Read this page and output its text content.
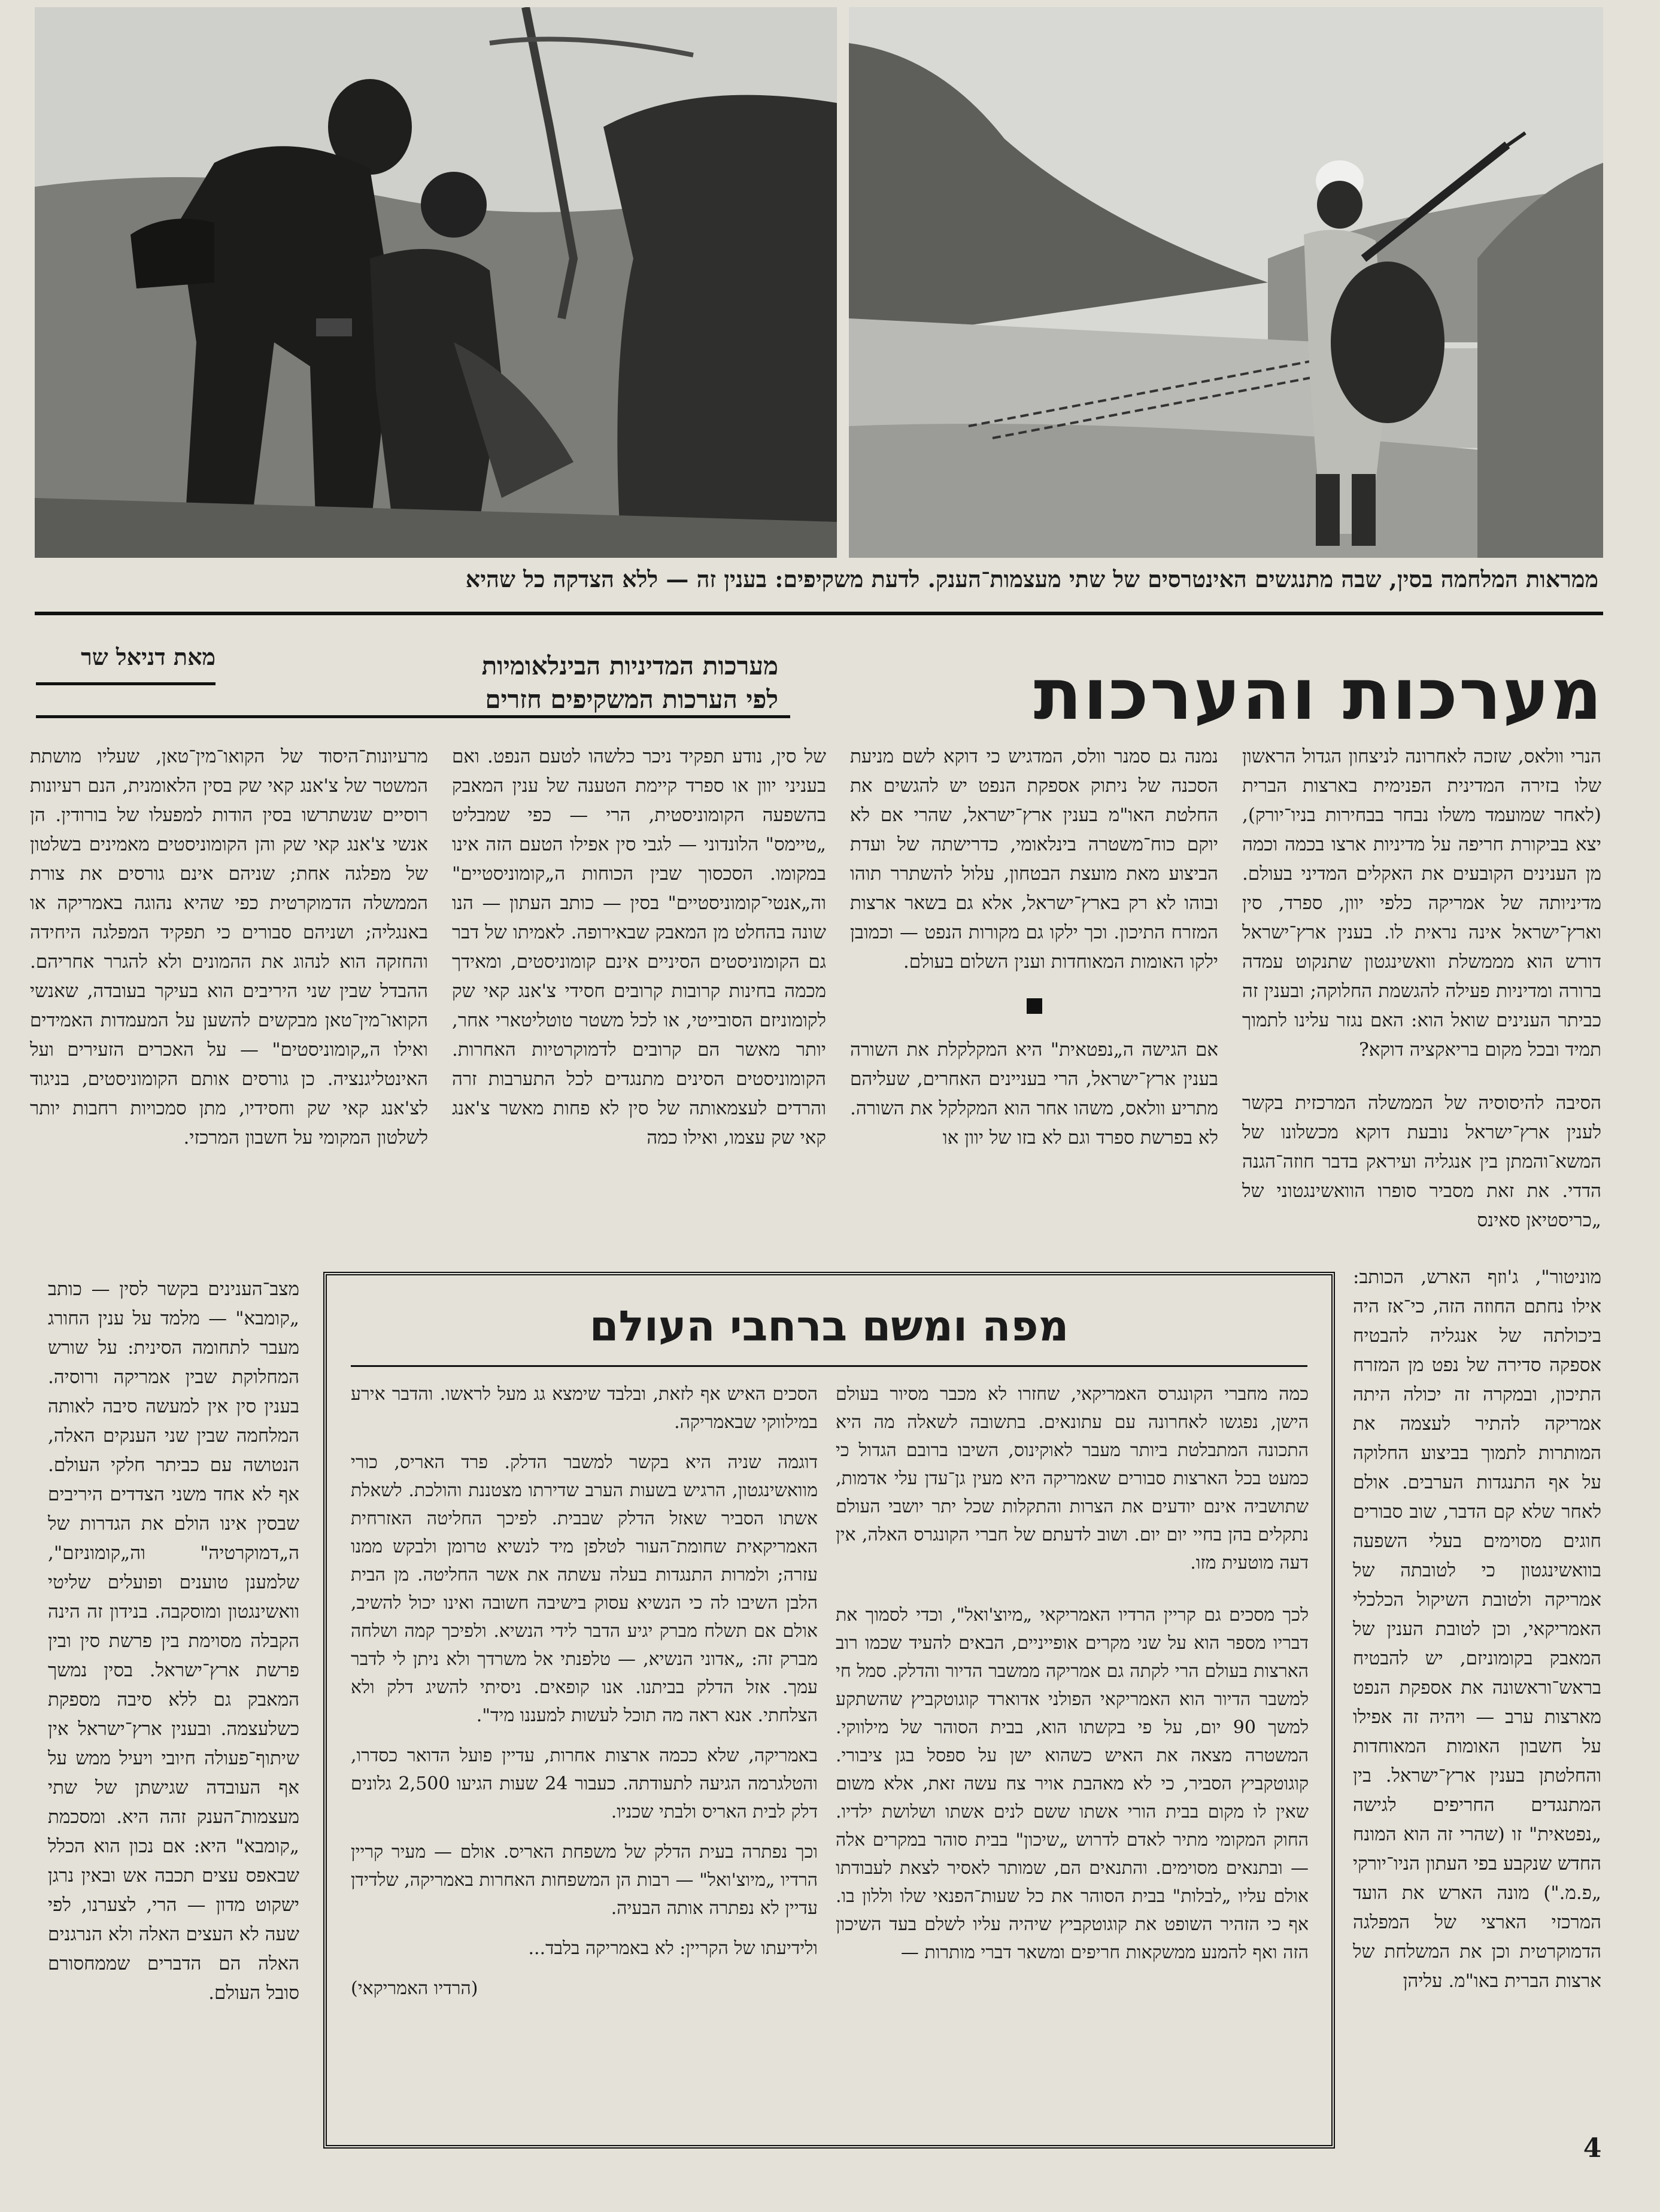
ממראות המלחמה בסין, שבה מתנגשים האינטרסים של שתי מעצמות־הענק. לדעת משקיפים: בענין זה — ללא הצדקה כל שהיא
מערכות והערכות
מערכות המדיניות הבינלאומיות
לפי הערכות המשקיפים חזרים
מאת דניאל שר

הנרי וולאס, שזכה לאחרונה לניצחון הגדול הראשון שלו בזירה המדינית הפנימית בארצות הברית (לאחר שמועמד משלו נבחר בבחירות בניו־יורק), יצא בביקורת חריפה על מדיניות ארצו בכמה וכמה מן הענינים הקובעים את האקלים המדיני בעולם. מדיניותה של אמריקה כלפי יוון, ספרד, סין וארץ־ישראל אינה נראית לו. בענין ארץ־ישראל דורש הוא מממשלת וואשינגטון שתנקוט עמדה ברורה ומדיניות פעילה להגשמת החלוקה; ובענין זה כביתר הענינים שואל הוא: האם נגזר עלינו לתמוך תמיד ובכל מקום בריאקציה דוקא?

הסיבה להיסוסיה של הממשלה המרכזית בקשר לענין ארץ־ישראל נובעת דוקא מכשלונו של המשא־והמתן בין אנגליה ועיראק בדבר חוזה־הגנה הדדי. את זאת מסביר סופרו הוואשינגטוני של „כריסטיאן סאינס

מוניטור", ג'וזף הארש, הכותב: אילו נחתם החוזה הזה, כי־אז היה ביכולתה של אנגליה להבטיח אספקה סדירה של נפט מן המזרח התיכון, ובמקרה זה יכולה היתה אמריקה להתיר לעצמה את המותרות לתמוך בביצוע החלוקה על אף התנגדות הערבים. אולם לאחר שלא קם הדבר, שוב סבורים חוגים מסוימים בעלי השפעה בוואשינגטון כי לטובתה של אמריקה ולטובת השיקול הכלכלי האמריקאי, וכן לטובת הענין של המאבק בקומוניזם, יש להבטיח בראש־וראשונה את אספקת הנפט מארצות ערב — ויהיה זה אפילו על חשבון האומות המאוחדות והחלטתן בענין ארץ־ישראל. בין המתנגדים החריפים לגישה „נפטאית" זו (שהרי זה הוא המונח החדש שנקבע בפי העתון הניו־יורקי „פ.מ.") מונה הארש את הועד המרכזי הארצי של המפלגה הדמוקרטית וכן את המשלחת של ארצות הברית באו"מ. עליהן

נמנה גם סמנר וולס, המדגיש כי דוקא לשם מניעת הסכנה של ניתוק אספקת הנפט יש להגשים את החלטת האו"מ בענין ארץ־ישראל, שהרי אם לא יוקם כוח־משטרה בינלאומי, כדרישתה של ועדת הביצוע מאת מועצת הבטחון, עלול להשתרר תוהו ובוהו לא רק בארץ־ישראל, אלא גם בשאר ארצות המזרח התיכון. וכך ילקו גם מקורות הנפט — וכמובן ילקו האומות המאוחדות וענין השלום בעולם.

אם הגישה ה„נפטאית" היא המקלקלת את השורה בענין ארץ־ישראל, הרי בעניינים האחרים, שעליהם מתריע וולאס, משהו אחר הוא המקלקל את השורה. לא בפרשת ספרד וגם לא בזו של יוון או

של סין, נודע תפקיד ניכר כלשהו לטעם הנפט. ואם בעניני יוון או ספרד קיימת הטענה של ענין המאבק בהשפעה הקומוניסטית, הרי — כפי שמבליט „טיימס" הלונדוני — לגבי סין אפילו הטעם הזה אינו במקומו. הסכסוך שבין הכוחות ה„קומוניסטיים" וה„אנטי־קומוניסטיים" בסין — כותב העתון — הנו שונה בהחלט מן המאבק שבאירופה. לאמיתו של דבר גם הקומוניסטים הסיניים אינם קומוניסטים, ומאידך מכמה בחינות קרובות קרובים חסידי צ'אנג קאי שק לקומוניזם הסובייטי, או לכל משטר טוטליטארי אחר, יותר מאשר הם קרובים לדמוקרטיות האחרות. הקומוניסטים הסינים מתנגדים לכל התערבות זרה והרדים לעצמאותה של סין לא פחות מאשר צ'אנג קאי שק עצמו, ואילו כמה

מרעיונות־היסוד של הקואו־מין־טאן, שעליו מושתת המשטר של צ'אנג קאי שק בסין הלאומנית, הנם רעיונות רוסיים שנשתרשו בסין הודות למפעלו של בורודין. הן אנשי צ'אנג קאי שק והן הקומוניסטים מאמינים בשלטון של מפלגה אחת; שניהם אינם גורסים את צורת הממשלה הדמוקרטית כפי שהיא נהוגה באמריקה או באנגליה; ושניהם סבורים כי תפקיד המפלגה היחידה והחזקה הוא לנהוג את ההמונים ולא להגרר אחריהם. ההבדל שבין שני היריבים הוא בעיקר בעובדה, שאנשי הקואו־מין־טאן מבקשים להשען על המעמדות האמידים ואילו ה„קומוניסטים" — על האכרים הזעירים ועל האינטליגנציה. כן גורסים אותם הקומוניסטים, בניגוד לצ'אנג קאי שק וחסידיו, מתן סמכויות רחבות יותר לשלטון המקומי על חשבון המרכזי.

מצב־הענינים בקשר לסין — כותב „קומבא" — מלמד על ענין החורג מעבר לתחומה הסינית: על שורש המחלוקת שבין אמריקה ורוסיה. בענין סין אין למעשה סיבה לאותה המלחמה שבין שני הענקים האלה, הנטושה עם כביתר חלקי העולם. אף לא אחד משני הצדדים היריבים שבסין אינו הולם את הגדרות של ה„דמוקרטיה" וה„קומוניזם", שלמענן טוענים ופועלים שליטי וואשינגטון ומוסקבה. בנידון זה הינה הקבלה מסוימת בין פרשת סין ובין פרשת ארץ־ישראל. בסין נמשך המאבק גם ללא סיבה מספקת כשלעצמה. ובענין ארץ־ישראל אין שיתוף־פעולה חיובי ויעיל ממש על אף העובדה שגישתן של שתי מעצמות־הענק זהה היא. ומסכמת „קומבא" היא: אם נכון הוא הכלל שבאפס עצים תכבה אש ובאין נרגן ישקוט מדון — הרי, לצערנו, לפי שעה לא העצים האלה ולא הנרגנים האלה הם הדברים שממחסורם סובל העולם.

מפה ומשם ברחבי העולם

כמה מחברי הקונגרס האמריקאי, שחזרו לא מכבר מסיור בעולם הישן, נפגשו לאחרונה עם עתונאים. בתשובה לשאלה מה היא התכונה המתבלטת ביותר מעבר לאוקינוס, השיבו ברובם הגדול כי כמעט בכל הארצות סבורים שאמריקה היא מעין גן־עדן עלי אדמות, שתושביה אינם יודעים את הצרות והתקלות שכל יתר יושבי העולם נתקלים בהן בחיי יום יום. ושוב לדעתם של חברי הקונגרס האלה, אין דעה מוטעית מזו.

לכך מסכים גם קריין הרדיו האמריקאי „מיוצ'ואל", וכדי לסמוך את דבריו מספר הוא על שני מקרים אופייניים, הבאים להעיד שכמו רוב הארצות בעולם הרי לקתה גם אמריקה ממשבר הדיור והדלק. סמל חי למשבר הדיור הוא האמריקאי הפולני אדוארד קוגוטקביץ שהשתקע למשך 90 יום, על פי בקשתו הוא, בבית הסוהר של מילווקי. המשטרה מצאה את האיש כשהוא ישן על ספסל בגן ציבורי. קוגוטקביץ הסביר, כי לא מאהבת אויר צח עשה זאת, אלא משום שאין לו מקום בבית הורי אשתו ששם לנים אשתו ושלושת ילדיו. החוק המקומי מתיר לאדם לדרוש „שיכון" בבית סוהר במקרים אלה — ובתנאים מסוימים. והתנאים הם, שמותר לאסיר לצאת לעבודתו אולם עליו „לבלות" בבית הסוהר את כל שעות־הפנאי שלו וללון בו. אף כי הזהיר השופט את קוגוטקביץ שיהיה עליו לשלם בעד השיכון הזה ואף להמנע ממשקאות חריפים ומשאר דברי מותרות —

הסכים האיש אף לזאת, ובלבד שימצא גג מעל לראשו. והדבר אירע במילווקי שבאמריקה.

דוגמה שניה היא בקשר למשבר הדלק. פרד האריס, כורי מוואשינגטון, הרגיש בשעות הערב שדירתו מצטננת והולכת. לשאלת אשתו הסביר שאזל הדלק שבבית. לפיכך החליטה האזרחית האמריקאית שחומת־העור לטלפן מיד לנשיא טרומן ולבקש ממנו עזרה; ולמרות התנגדות בעלה עשתה את אשר החליטה. מן הבית הלבן השיבו לה כי הנשיא עסוק בישיבה חשובה ואינו יכול להשיב, אולם אם תשלח מברק יגיע הדבר לידי הנשיא. ולפיכך קמה ושלחה מברק זה: „אדוני הנשיא, — טלפנתי אל משרדך ולא ניתן לי לדבר עמך. אזל הדלק בביתנו. אנו קופאים. ניסיתי להשיג דלק ולא הצלחתי. אנא ראה מה תוכל לעשות למעננו מיד".

באמריקה, שלא ככמה ארצות אחרות, עדיין פועל הדואר כסדרו, והטלגרמה הגיעה לתעודתה. כעבור 24 שעות הגיעו 2,500 גלונים דלק לבית האריס ולבתי שכניו.

וכך נפתרה בעית הדלק של משפחת האריס. אולם — מעיר קריין הרדיו „מיוצ'ואל" — רבות הן המשפחות האחרות באמריקה, שלדידן עדיין לא נפתרה אותה הבעיה.

ולידיעתו של הקריין: לא באמריקה בלבד...

(הרדיו האמריקאי)

4
